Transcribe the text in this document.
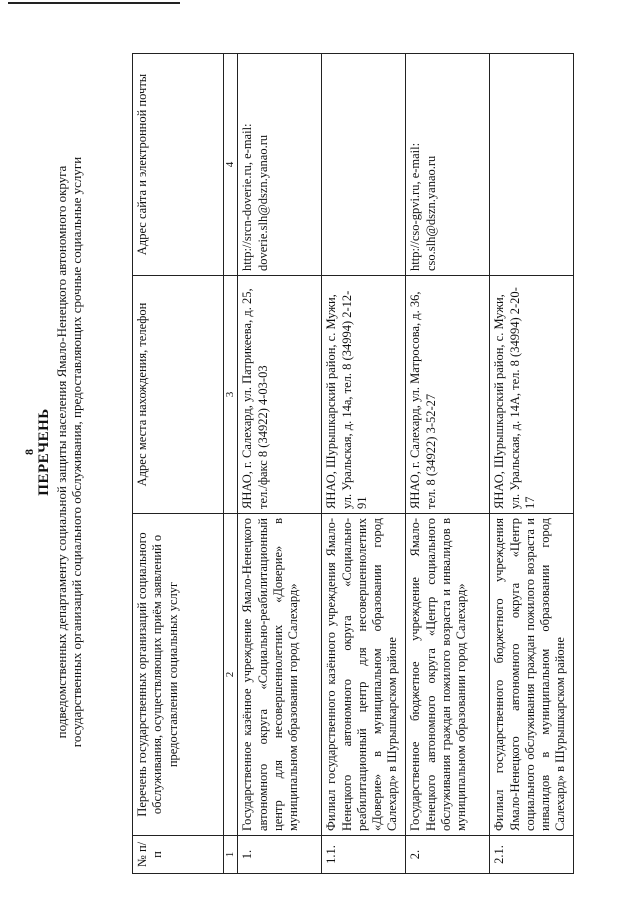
8 ПЕРЕЧЕНЬ подведомственных департаменту социальной защиты населения Ямало-Ненецкого автономного округа государственных организаций социального обслуживания, предоставляющих срочные социальные услуги
№ п/п	Перечень государственных организаций социального обслуживания, осуществляющих приём заявлений о предоставлении социальных услуг	Адрес места нахождения, телефон	Адрес сайта и электронной почты
1	2	3	4
1.	Государственное казённое учреждение Ямало-Ненецкого автономного округа «Социально-реабилитационный центр для несовершеннолетних «Доверие» в муниципальном образовании город Салехард»	ЯНАО, г. Салехард, ул. Патрикеева, д. 25, тел./факс 8 (34922) 4-03-03	http://srcn-doverie.ru, e-mail: doverie.slh@dszn.yanao.ru
1.1.	Филиал государственного казённого учреждения Ямало-Ненецкого автономного округа «Социально-реабилитационный центр для несовершеннолетних «Доверие» в муниципальном образовании город Салехард» в Шурышкарском районе	ЯНАО, Шурышкарский район, с. Мужи, ул. Уральская, д. 14а, тел. 8 (34994) 2-12-91	
2.	Государственное бюджетное учреждение Ямало-Ненецкого автономного округа «Центр социального обслуживания граждан пожилого возраста и инвалидов в муниципальном образовании город Салехард»	ЯНАО, г. Салехард, ул. Матросова, д. 36, тел. 8 (34922) 3-52-27	http://cso-gpvi.ru, e-mail: cso.slh@dszn.yanao.ru
2.1.	Филиал государственного бюджетного учреждения Ямало-Ненецкого автономного округа «Центр социального обслуживания граждан пожилого возраста и инвалидов в муниципальном образовании город Салехард» в Шурышкарском районе	ЯНАО, Шурышкарский район, с. Мужи, ул. Уральская, д. 14А, тел. 8 (34994) 2-20-17	
